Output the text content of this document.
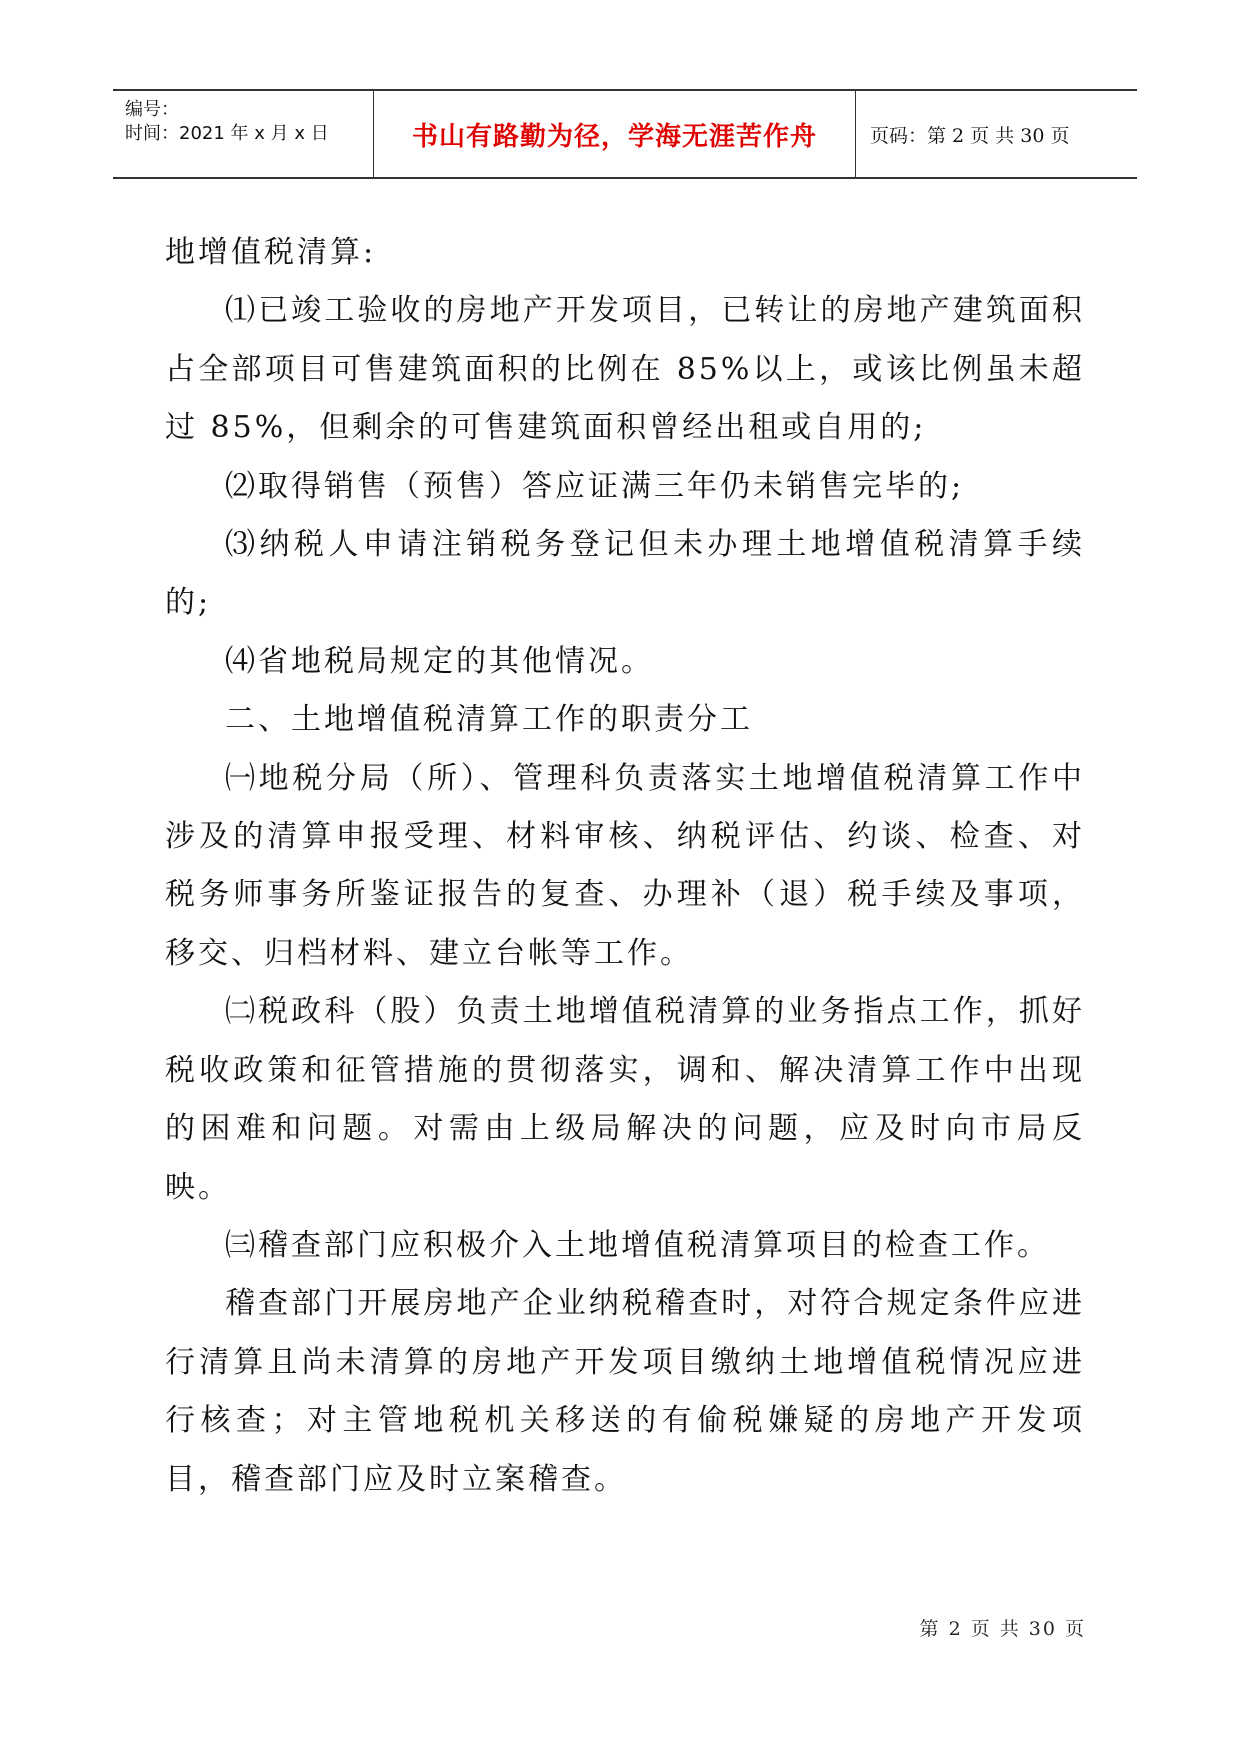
编号：
时间：2021 年 x 月 x 日	书山有路勤为径，学海无涯苦作舟	页码：第 2 页 共 30 页

地增值税清算:

⑴已竣工验收的房地产开发项目，已转让的房地产建筑面积占全部项目可售建筑面积的比例在 85%以上，或该比例虽未超过 85%，但剩余的可售建筑面积曾经出租或自用的;

⑵取得销售（预售）答应证满三年仍未销售完毕的;

⑶纳税人申请注销税务登记但未办理土地增值税清算手续的;

⑷省地税局规定的其他情况。

二、土地增值税清算工作的职责分工

㈠地税分局（所）、管理科负责落实土地增值税清算工作中涉及的清算申报受理、材料审核、纳税评估、约谈、检查、对税务师事务所鉴证报告的复查、办理补（退）税手续及事项，移交、归档材料、建立台帐等工作。

㈡税政科（股）负责土地增值税清算的业务指点工作，抓好税收政策和征管措施的贯彻落实，调和、解决清算工作中出现的困难和问题。对需由上级局解决的问题，应及时向市局反映。

㈢稽查部门应积极介入土地增值税清算项目的检查工作。

稽查部门开展房地产企业纳税稽查时，对符合规定条件应进行清算且尚未清算的房地产开发项目缴纳土地增值税情况应进行核查；对主管地税机关移送的有偷税嫌疑的房地产开发项目，稽查部门应及时立案稽查。

第 2 页 共 30 页
